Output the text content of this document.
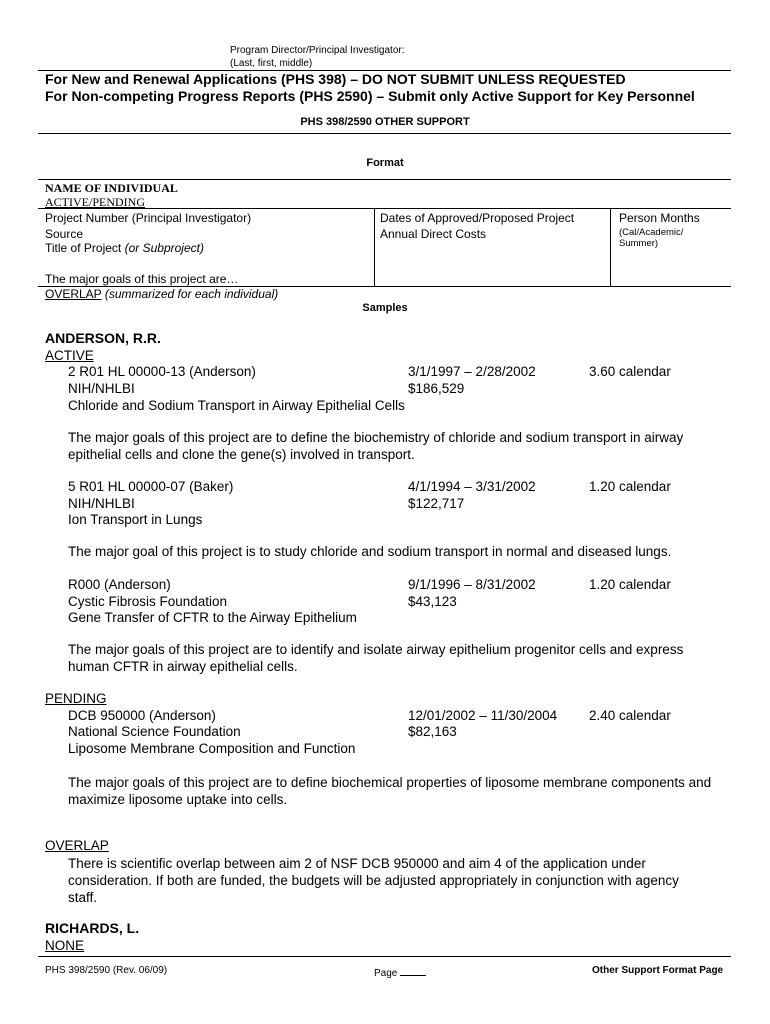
Program Director/Principal Investigator:
(Last, first, middle)
For New and Renewal Applications (PHS 398) – DO NOT SUBMIT UNLESS REQUESTED
For Non-competing Progress Reports (PHS 2590) – Submit only Active Support for Key Personnel
PHS 398/2590 OTHER SUPPORT
Format
NAME OF INDIVIDUAL
ACTIVE/PENDING
Project Number (Principal Investigator)
Source
Title of Project (or Subproject)
Dates of Approved/Proposed Project
Annual Direct Costs
Person Months
(Cal/Academic/
Summer)
The major goals of this project are…
OVERLAP (summarized for each individual)
Samples
ANDERSON, R.R.
ACTIVE
2 R01 HL 00000-13 (Anderson)
NIH/NHLBI
Chloride and Sodium Transport in Airway Epithelial Cells
3/1/1997 – 2/28/2002
$186,529
3.60 calendar
The major goals of this project are to define the biochemistry of chloride and sodium transport in airway epithelial cells and clone the gene(s) involved in transport.
5 R01 HL 00000-07 (Baker)
NIH/NHLBI
Ion Transport in Lungs
4/1/1994 – 3/31/2002
$122,717
1.20 calendar
The major goal of this project is to study chloride and sodium transport in normal and diseased lungs.
R000 (Anderson)
Cystic Fibrosis Foundation
Gene Transfer of CFTR to the Airway Epithelium
9/1/1996 – 8/31/2002
$43,123
1.20 calendar
The major goals of this project are to identify and isolate airway epithelium progenitor cells and express human CFTR in airway epithelial cells.
PENDING
DCB 950000 (Anderson)
National Science Foundation
Liposome Membrane Composition and Function
12/01/2002 – 11/30/2004
$82,163
2.40 calendar
The major goals of this project are to define biochemical properties of liposome membrane components and maximize liposome uptake into cells.
OVERLAP
There is scientific overlap between aim 2 of NSF DCB 950000 and aim 4 of the application under consideration. If both are funded, the budgets will be adjusted appropriately in conjunction with agency staff.
RICHARDS, L.
NONE
PHS 398/2590 (Rev. 06/09)	Page	Other Support Format Page
